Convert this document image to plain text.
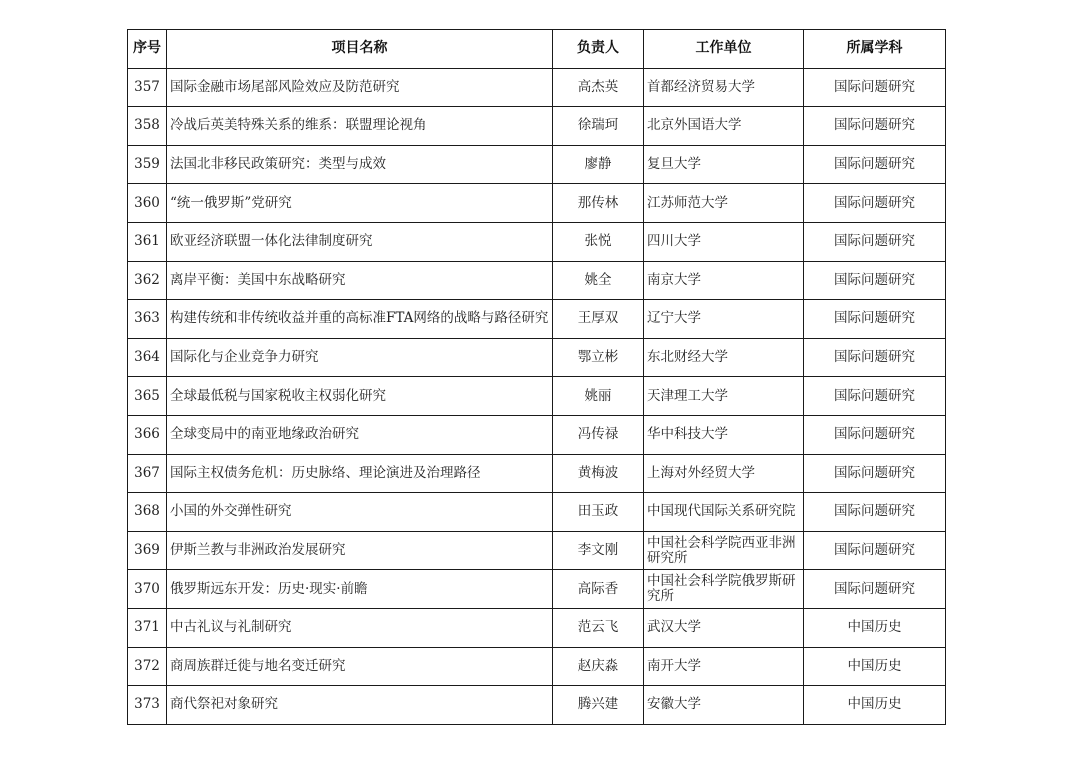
序号	项目名称	负责人	工作单位	所属学科
357	国际金融市场尾部风险效应及防范研究	高杰英	首都经济贸易大学	国际问题研究
358	冷战后英美特殊关系的维系：联盟理论视角	徐瑞珂	北京外国语大学	国际问题研究
359	法国北非移民政策研究：类型与成效	廖静	复旦大学	国际问题研究
360	“统一俄罗斯”党研究	那传林	江苏师范大学	国际问题研究
361	欧亚经济联盟一体化法律制度研究	张悦	四川大学	国际问题研究
362	离岸平衡：美国中东战略研究	姚全	南京大学	国际问题研究
363	构建传统和非传统收益并重的高标准FTA网络的战略与路径研究	王厚双	辽宁大学	国际问题研究
364	国际化与企业竞争力研究	鄂立彬	东北财经大学	国际问题研究
365	全球最低税与国家税收主权弱化研究	姚丽	天津理工大学	国际问题研究
366	全球变局中的南亚地缘政治研究	冯传禄	华中科技大学	国际问题研究
367	国际主权债务危机：历史脉络、理论演进及治理路径	黄梅波	上海对外经贸大学	国际问题研究
368	小国的外交弹性研究	田玉政	中国现代国际关系研究院	国际问题研究
369	伊斯兰教与非洲政治发展研究	李文刚	中国社会科学院西亚非洲研究所	国际问题研究
370	俄罗斯远东开发：历史·现实·前瞻	高际香	中国社会科学院俄罗斯研究所	国际问题研究
371	中古礼议与礼制研究	范云飞	武汉大学	中国历史
372	商周族群迁徙与地名变迁研究	赵庆淼	南开大学	中国历史
373	商代祭祀对象研究	腾兴建	安徽大学	中国历史
